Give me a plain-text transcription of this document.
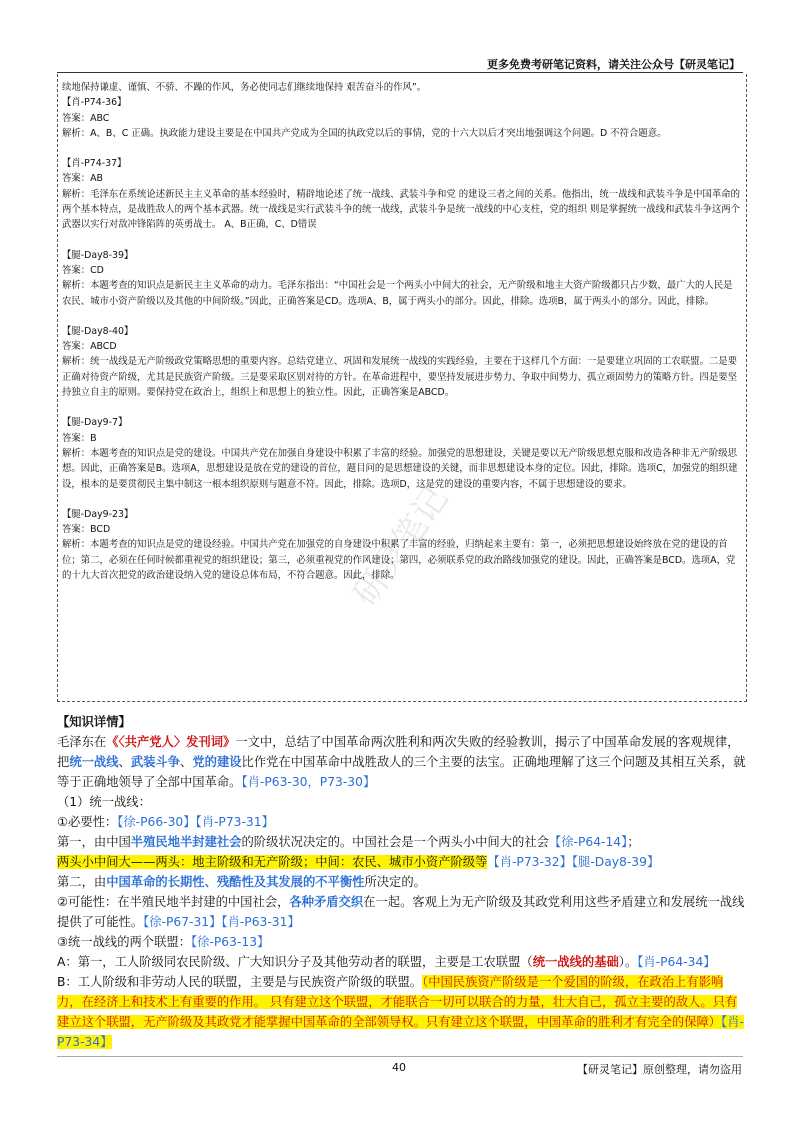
更多免费考研笔记资料，请关注公众号【研灵笔记】
研灵笔记

续地保持谦虚、谨慎、不骄、不躁的作风，务必使同志们继续地保持 艰苦奋斗的作风”。

【肖-P74-36】

答案：ABC

解析：A、B、C 正确。执政能力建设主要是在中国共产党成为全国的执政党以后的事情，党的十六大以后才突出地强调这个问题。D 不符合题意。

【肖-P74-37】

答案：AB

解析：毛泽东在系统论述新民主主义革命的基本经验时，精辟地论述了统一战线、武装斗争和党 的建设三者之间的关系。他指出，统一战线和武装斗争是中国革命的两个基本特点，是战胜敌人的两个基本武器。统一战线是实行武装斗争的统一战线，武装斗争是统一战线的中心支柱，党的组织 则是掌握统一战线和武装斗争这两个武器以实行对敌冲锋陷阵的英勇战士。 A、B正确，C、D错误

【腿-Day8-39】

答案：CD

解析：本题考查的知识点是新民主主义革命的动力。毛泽东指出：“中国社会是一个两头小中间大的社会，无产阶级和地主大资产阶级都只占少数，最广大的人民是农民、城市小资产阶级以及其他的中间阶级。”因此，正确答案是CD。选项A、B，属于两头小的部分。因此，排除。选项B，属于两头小的部分。因此，排除。

【腿-Day8-40】

答案：ABCD

解析：统一战线是无产阶级政党策略思想的重要内容。总结党建立、巩固和发展统一战线的实践经验，主要在于这样几个方面：一是要建立巩固的工农联盟。二是要正确对待资产阶级，尤其是民族资产阶级。三是要采取区别对待的方针。在革命进程中，要坚持发展进步势力、争取中间势力、孤立顽固势力的策略方针。四是要坚持独立自主的原则。要保持党在政治上，组织上和思想上的独立性。因此，正确答案是ABCD。

【腿-Day9-7】

答案：B

解析：本题考查的知识点是党的建设。中国共产党在加强自身建设中积累了丰富的经验。加强党的思想建设，关键是要以无产阶级思想克服和改造各种非无产阶级思想。因此，正确答案是B。选项A，思想建设是放在党的建设的首位，题目问的是思想建设的关键，而非思想建设本身的定位。因此，排除。选项C，加强党的组织建设，根本的是要贯彻民主集中制这一根本组织原则与题意不符。因此，排除。选项D，这是党的建设的重要内容，不属于思想建设的要求。

【腿-Day9-23】

答案：BCD

解析：本题考查的知识点是党的建设经验。中国共产党在加强党的自身建设中积累了丰富的经验，归纳起来主要有：第一，必须把思想建设始终放在党的建设的首位；第二，必须在任何时候都重视党的组织建设；第三，必须重视党的作风建设；第四，必须联系党的政治路线加强党的建设。因此，正确答案是BCD。选项A，党的十九大首次把党的政治建设纳入党的建设总体布局，不符合题意。因此，排除。

【知识详情】

毛泽东在《〈共产党人〉发刊词》一文中，总结了中国革命两次胜利和两次失败的经验教训，揭示了中国革命发展的客观规律，把统一战线、武装斗争、党的建设比作党在中国革命中战胜敌人的三个主要的法宝。正确地理解了这三个问题及其相互关系，就等于正确地领导了全部中国革命。【肖-P63-30，P73-30】

（1）统一战线：

①必要性：【徐-P66-30】【肖-P73-31】

第一，由中国半殖民地半封建社会的阶级状况决定的。中国社会是一个两头小中间大的社会【徐-P64-14】；

两头小中间大——两头：地主阶级和无产阶级；中间：农民、城市小资产阶级等【肖-P73-32】【腿-Day8-39】

第二，由中国革命的长期性、残酷性及其发展的不平衡性所决定的。

②可能性：在半殖民地半封建的中国社会，各种矛盾交织在一起。客观上为无产阶级及其政党利用这些矛盾建立和发展统一战线提供了可能性。【徐-P67-31】【肖-P63-31】

③统一战线的两个联盟：【徐-P63-13】

A：第一，工人阶级同农民阶级、广大知识分子及其他劳动者的联盟，主要是工农联盟（统一战线的基础）。【肖-P64-34】

B：工人阶级和非劳动人民的联盟，主要是与民族资产阶级的联盟。（中国民族资产阶级是一个爱国的阶级，在政治上有影响力，在经济上和技术上有重要的作用。 只有建立这个联盟，才能联合一切可以联合的力量，壮大自己，孤立主要的敌人。只有建立这个联盟，无产阶级及其政党才能掌握中国革命的全部领导权。只有建立这个联盟，中国革命的胜利才有完全的保障）【肖-P73-34】

40	【研灵笔记】原创整理，请勿盗用
